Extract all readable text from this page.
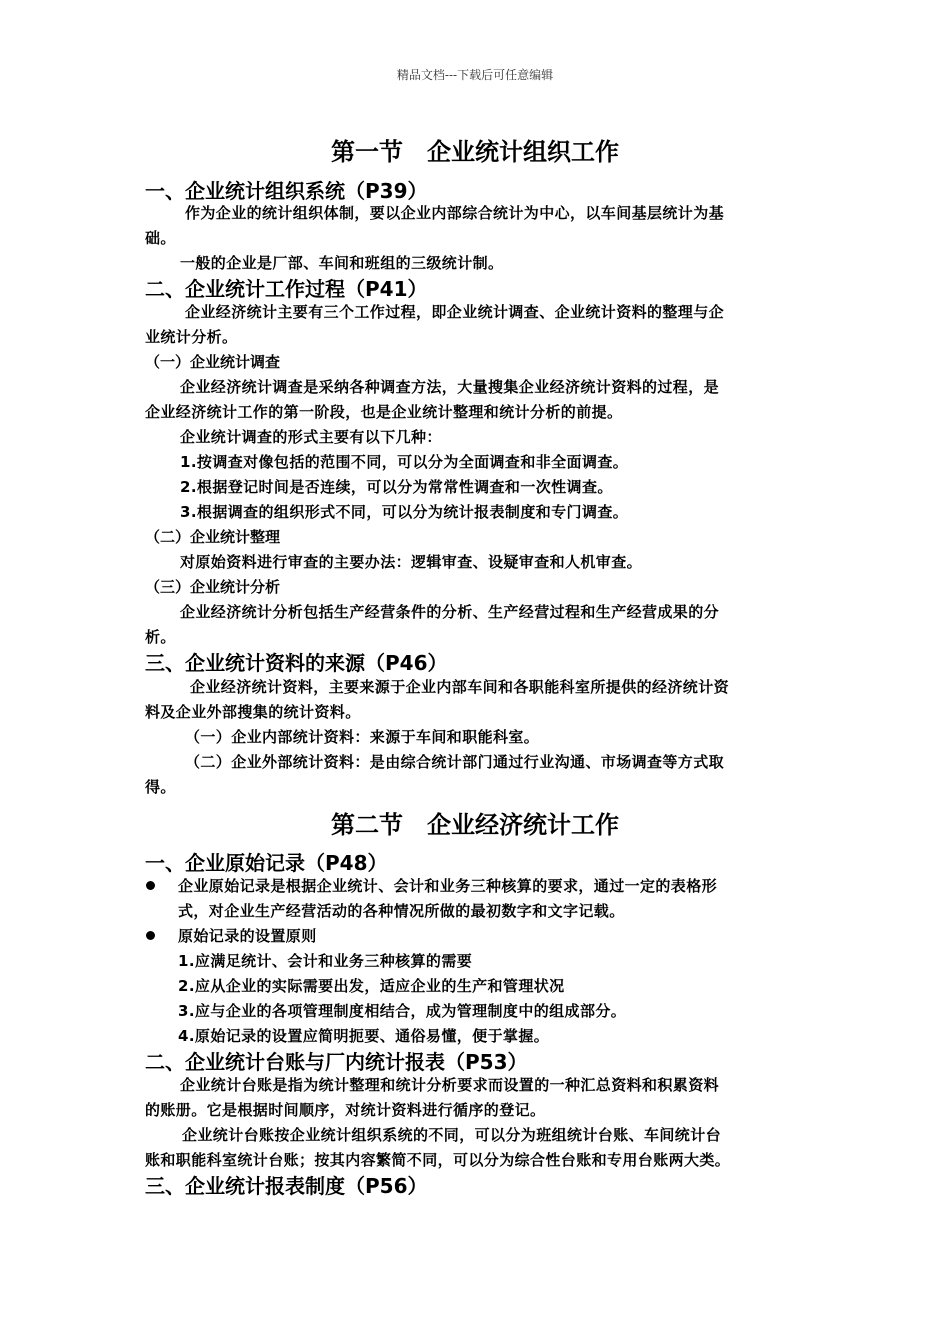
精品文档---下载后可任意编辑
第一节　企业统计组织工作
一、企业统计组织系统（P39）
作为企业的统计组织体制，要以企业内部综合统计为中心，以车间基层统计为基
础。
一般的企业是厂部、车间和班组的三级统计制。
二、企业统计工作过程（P41）
企业经济统计主要有三个工作过程，即企业统计调查、企业统计资料的整理与企
业统计分析。
（一）企业统计调查
企业经济统计调查是采纳各种调查方法，大量搜集企业经济统计资料的过程，是
企业经济统计工作的第一阶段，也是企业统计整理和统计分析的前提。
企业统计调查的形式主要有以下几种：
1.按调查对像包括的范围不同，可以分为全面调查和非全面调查。
2.根据登记时间是否连续，可以分为常常性调查和一次性调查。
3.根据调查的组织形式不同，可以分为统计报表制度和专门调查。
（二）企业统计整理
对原始资料进行审查的主要办法：逻辑审查、设疑审查和人机审查。
（三）企业统计分析
企业经济统计分析包括生产经营条件的分析、生产经营过程和生产经营成果的分
析。
三、企业统计资料的来源（P46）
企业经济统计资料，主要来源于企业内部车间和各职能科室所提供的经济统计资
料及企业外部搜集的统计资料。
（一）企业内部统计资料：来源于车间和职能科室。
（二）企业外部统计资料：是由综合统计部门通过行业沟通、市场调查等方式取
得。
第二节　企业经济统计工作
一、企业原始记录（P48）
企业原始记录是根据企业统计、会计和业务三种核算的要求，通过一定的表格形
式，对企业生产经营活动的各种情况所做的最初数字和文字记载。
原始记录的设置原则
1.应满足统计、会计和业务三种核算的需要
2.应从企业的实际需要出发，适应企业的生产和管理状况
3.应与企业的各项管理制度相结合，成为管理制度中的组成部分。
4.原始记录的设置应简明扼要、通俗易懂，便于掌握。
二、企业统计台账与厂内统计报表（P53）
企业统计台账是指为统计整理和统计分析要求而设置的一种汇总资料和积累资料
的账册。它是根据时间顺序，对统计资料进行循序的登记。
企业统计台账按企业统计组织系统的不同，可以分为班组统计台账、车间统计台
账和职能科室统计台账；按其内容繁简不同，可以分为综合性台账和专用台账两大类。
三、企业统计报表制度（P56）
